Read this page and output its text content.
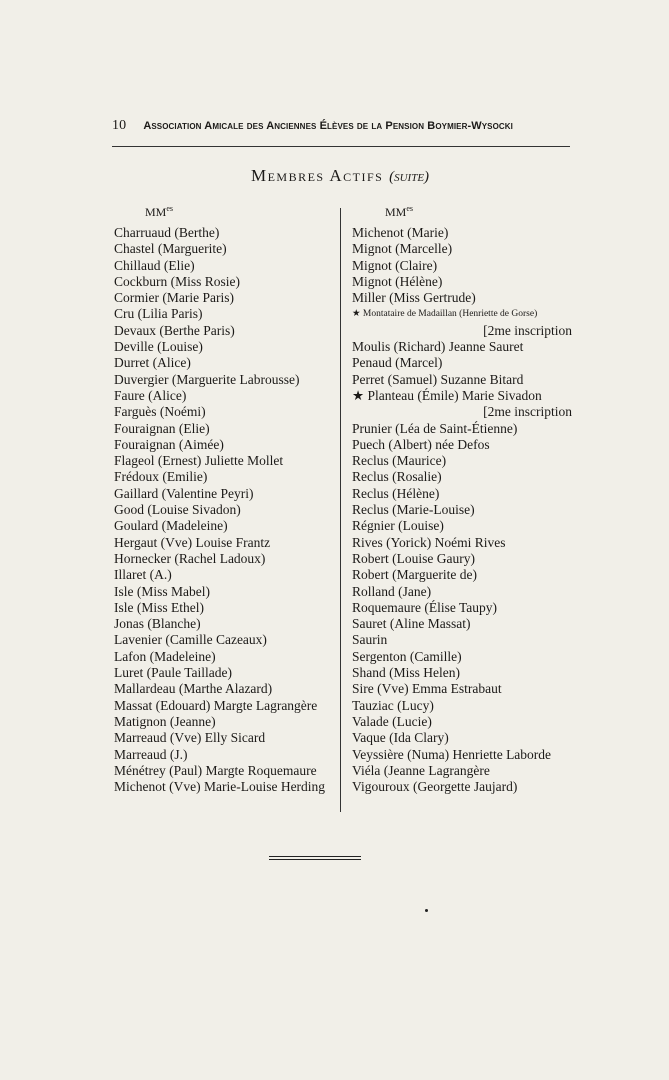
10 Association Amicale des Anciennes Élèves de la Pension Boymier-Wysocki
Membres Actifs (suite)
$MM^{es}$	$MM^{es}$
Charruaud (Berthe)
Chastel (Marguerite)
Chillaud (Elie)
Cockburn (Miss Rosie)
Cormier (Marie Paris)
Cru (Lilia Paris)
Devaux (Berthe Paris)
Deville (Louise)
Durret (Alice)
Duvergier (Marguerite Labrousse)
Faure (Alice)
Farguès (Noémi)
Fouraignan (Elie)
Fouraignan (Aimée)
Flageol (Ernest) Juliette Mollet
Frédoux (Emilie)
Gaillard (Valentine Peyri)
Good (Louise Sivadon)
Goulard (Madeleine)
Hergaut (Vve) Louise Frantz
Hornecker (Rachel Ladoux)
Illaret (A.)
Isle (Miss Mabel)
Isle (Miss Ethel)
Jonas (Blanche)
Lavenier (Camille Cazeaux)
Lafon (Madeleine)
Luret (Paule Taillade)
Mallardeau (Marthe Alazard)
Massat (Edouard) Margte Lagrangère
Matignon (Jeanne)
Marreaud (Vve) Elly Sicard
Marreaud (J.)
Ménétrey (Paul) Margte Roquemaure
Michenot (Vve) Marie-Louise Herding
Michenot (Marie)
Mignot (Marcelle)
Mignot (Claire)
Mignot (Hélène)
Miller (Miss Gertrude)
★ Montataire de Madaillan (Henriette de Gorse)
[2me inscription
Moulis (Richard) Jeanne Sauret
Penaud (Marcel)
Perret (Samuel) Suzanne Bitard
★ Planteau (Émile) Marie Sivadon
[2me inscription
Prunier (Léa de Saint-Étienne)
Puech (Albert) née Defos
Reclus (Maurice)
Reclus (Rosalie)
Reclus (Hélène)
Reclus (Marie-Louise)
Régnier (Louise)
Rives (Yorick) Noémi Rives
Robert (Louise Gaury)
Robert (Marguerite de)
Rolland (Jane)
Roquemaure (Élise Taupy)
Sauret (Aline Massat)
Saurin
Sergenton (Camille)
Shand (Miss Helen)
Sire (Vve) Emma Estrabaut
Tauziac (Lucy)
Valade (Lucie)
Vaque (Ida Clary)
Veyssière (Numa) Henriette Laborde
Viéla (Jeanne Lagrangère
Vigouroux (Georgette Jaujard)
